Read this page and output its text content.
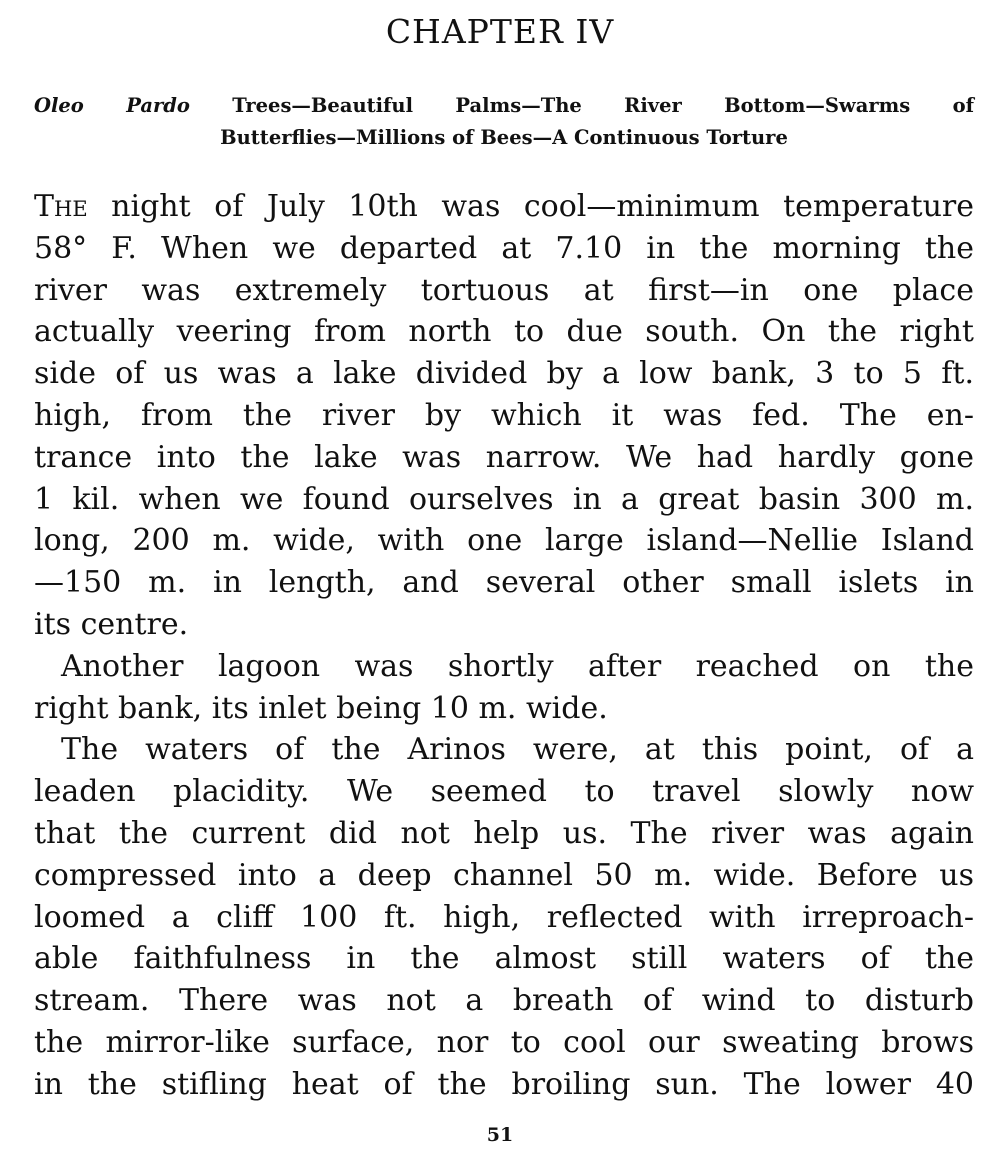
CHAPTER IV
Oleo Pardo Trees—Beautiful Palms—The River Bottom—Swarms of
Butterflies—Millions of Bees—A Continuous Torture
The night of July 10th was cool—minimum temperature
58° F. When we departed at 7.10 in the morning the
river was extremely tortuous at first—in one place
actually veering from north to due south. On the right
side of us was a lake divided by a low bank, 3 to 5 ft.
high, from the river by which it was fed. The en-
trance into the lake was narrow. We had hardly gone
1 kil. when we found ourselves in a great basin 300 m.
long, 200 m. wide, with one large island—Nellie Island
—150 m. in length, and several other small islets in
its centre.
Another lagoon was shortly after reached on the
right bank, its inlet being 10 m. wide.
The waters of the Arinos were, at this point, of a
leaden placidity. We seemed to travel slowly now
that the current did not help us. The river was again
compressed into a deep channel 50 m. wide. Before us
loomed a cliff 100 ft. high, reflected with irreproach-
able faithfulness in the almost still waters of the
stream. There was not a breath of wind to disturb
the mirror-like surface, nor to cool our sweating brows
in the stifling heat of the broiling sun. The lower 40
51
